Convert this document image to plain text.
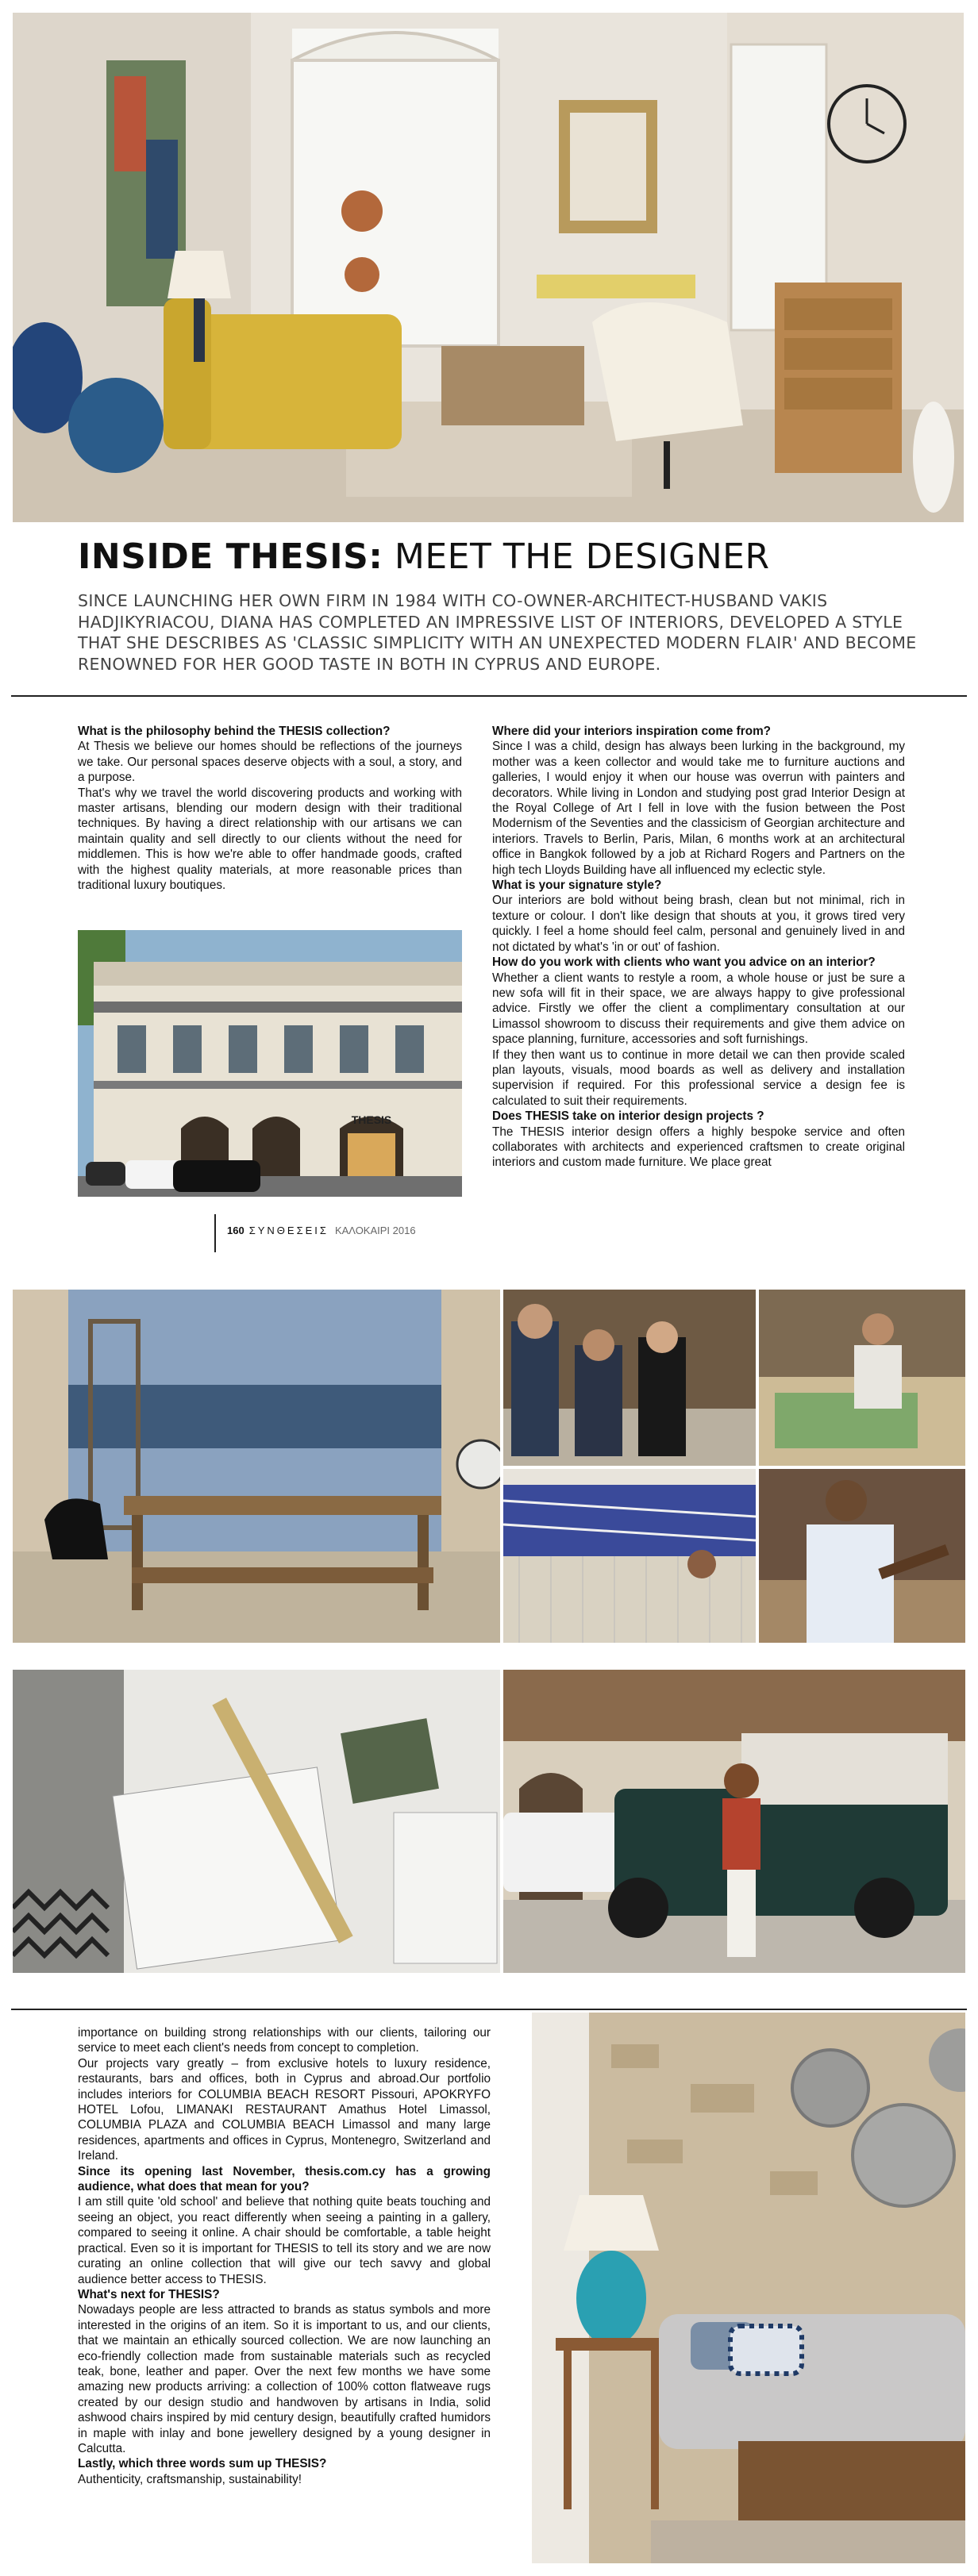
INSIDE THESIS: MEET THE DESIGNER
SINCE LAUNCHING HER OWN FIRM IN 1984 WITH CO-OWNER-ARCHITECT-HUSBAND VAKIS HADJIKYRIACOU, DIANA HAS COMPLETED AN IMPRESSIVE LIST OF INTERIORS, DEVELOPED A STYLE THAT SHE DESCRIBES AS 'CLASSIC SIMPLICITY WITH AN UNEXPECTED MODERN FLAIR' AND BECOME RENOWNED FOR HER GOOD TASTE IN BOTH IN CYPRUS AND EUROPE.

What is the philosophy behind the THESIS collection?

At Thesis we believe our homes should be reflections of the journeys we take. Our personal spaces deserve objects with a soul, a story, and a purpose.

That's why we travel the world discovering products and working with master artisans, blending our modern design with their traditional techniques. By having a direct relationship with our artisans we can maintain quality and sell directly to our clients without the need for middlemen. This is how we're able to offer handmade goods, crafted with the highest quality materials, at more reasonable prices than traditional luxury boutiques.

THESIS
160 ΣΥΝΘΕΣΕΙΣ ΚΑΛΟΚΑΙΡΙ 2016

Where did your interiors inspiration come from?

Since I was a child, design has always been lurking in the background, my mother was a keen collector and would take me to furniture auctions and galleries, I would enjoy it when our house was overrun with painters and decorators. While living in London and studying post grad Interior Design at the Royal College of Art I fell in love with the fusion between the Post Modernism of the Seventies and the classicism of Georgian architecture and interiors. Travels to Berlin, Paris, Milan, 6 months work at an architectural office in Bangkok followed by a job at Richard Rogers and Partners on the high tech Lloyds Building have all influenced my eclectic style.

What is your signature style?

Our interiors are bold without being brash, clean but not minimal, rich in texture or colour. I don't like design that shouts at you, it grows tired very quickly. I feel a home should feel calm, personal and genuinely lived in and not dictated by what's 'in or out' of fashion.

How do you work with clients who want you advice on an interior?

Whether a client wants to restyle a room, a whole house or just be sure a new sofa will fit in their space, we are always happy to give professional advice. Firstly we offer the client a complimentary consultation at our Limassol showroom to discuss their requirements and give them advice on space planning, furniture, accessories and soft furnishings.

If they then want us to continue in more detail we can then provide scaled plan layouts, visuals, mood boards as well as delivery and installation supervision if required. For this professional service a design fee is calculated to suit their requirements.

Does THESIS take on interior design projects ?

The THESIS interior design offers a highly bespoke service and often collaborates with architects and experienced craftsmen to create original interiors and custom made furniture. We place great

importance on building strong relationships with our clients, tailoring our service to meet each client's needs from concept to completion.

Our projects vary greatly – from exclusive hotels to luxury residence, restaurants, bars and offices, both in Cyprus and abroad.Our portfolio includes interiors for COLUMBIA BEACH RESORT Pissouri, APOKRYFO HOTEL Lofou, LIMANAKI RESTAURANT Amathus Hotel Limassol, COLUMBIA PLAZA and COLUMBIA BEACH Limassol and many large residences, apartments and offices in Cyprus, Montenegro, Switzerland and Ireland.

Since its opening last November, thesis.com.cy has a growing audience, what does that mean for you?

I am still quite 'old school' and believe that nothing quite beats touching and seeing an object, you react differently when seeing a painting in a gallery, compared to seeing it online. A chair should be comfortable, a table height practical. Even so it is important for THESIS to tell its story and we are now curating an online collection that will give our tech savvy and global audience better access to THESIS.

What's next for THESIS?

Nowadays people are less attracted to brands as status symbols and more interested in the origins of an item. So it is important to us, and our clients, that we maintain an ethically sourced collection. We are now launching an eco-friendly collection made from sustainable materials such as recycled teak, bone, leather and paper. Over the next few months we have some amazing new products arriving: a collection of 100% cotton flatweave rugs created by our design studio and handwoven by artisans in India, solid ashwood chairs inspired by mid century design, beautifully crafted humidors in maple with inlay and bone jewellery designed by a young designer in Calcutta.

Lastly, which three words sum up THESIS?

Authenticity, craftsmanship, sustainability!
